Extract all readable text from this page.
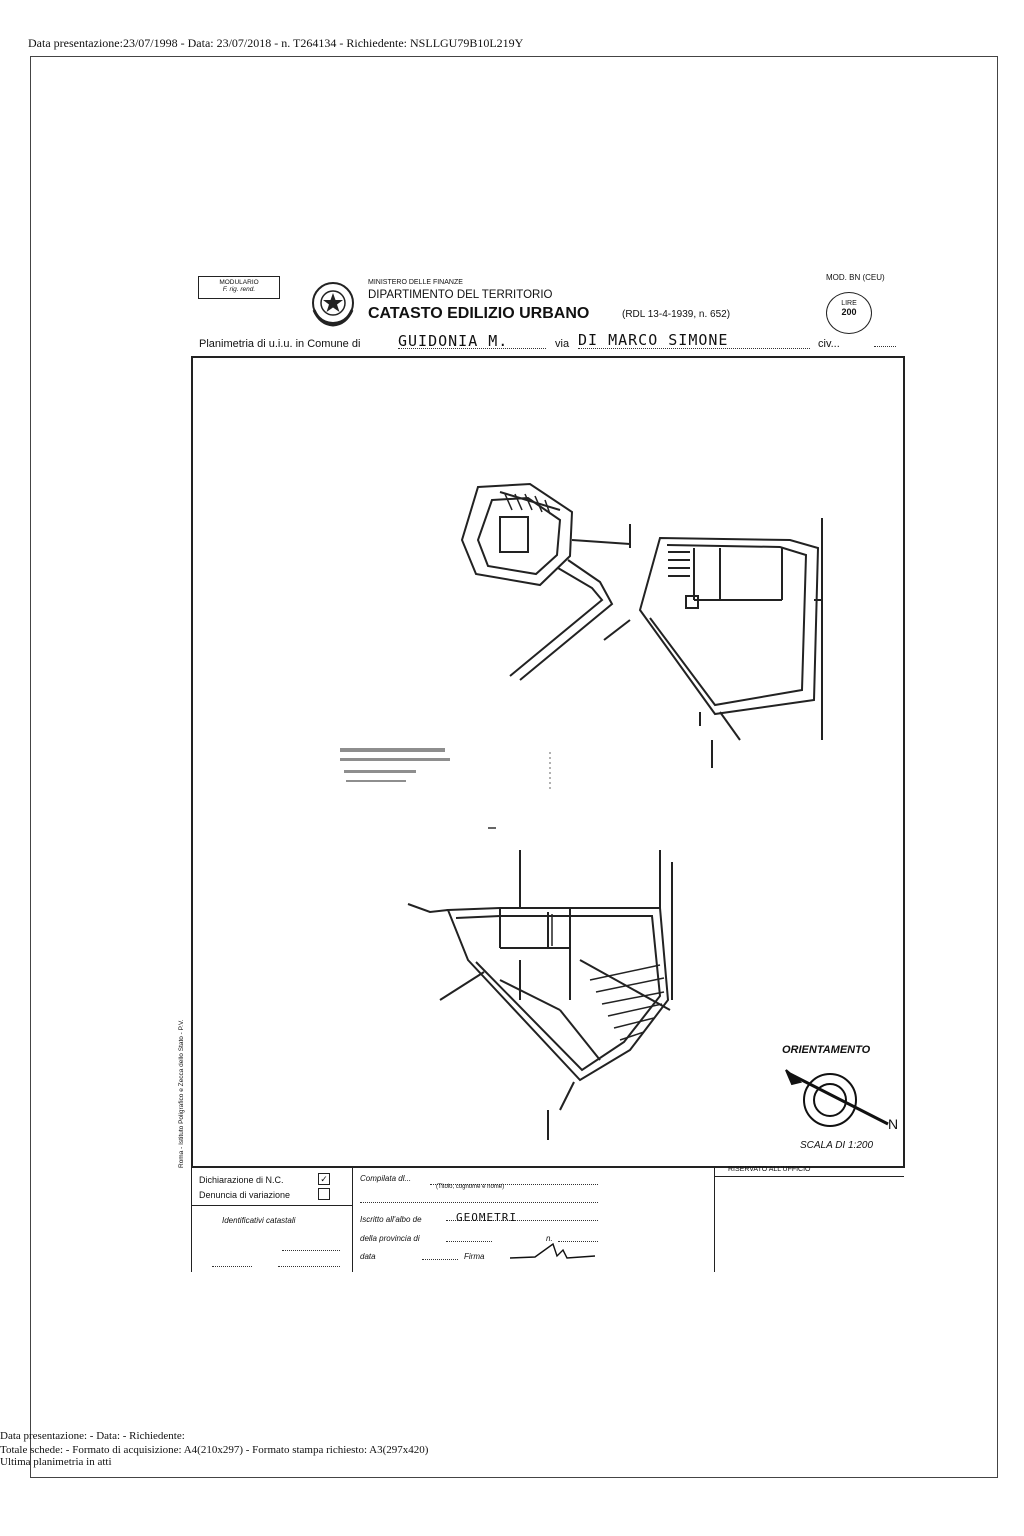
Data presentazione:23/07/1998 - Data: 23/07/2018 - n. T264134 - Richiedente: NSLLGU79B10L219Y
MODULARIO
F. rig. rend.
MINISTERO DELLE FINANZE
DIPARTIMENTO DEL TERRITORIO
CATASTO EDILIZIO URBANO	(RDL 13-4-1939, n. 652)
MOD. BN (CEU)
LIRE
200
Planimetria di u.i.u. in Comune di	GUIDONIA M.	via DI MARCO SIMONE	civ...
Roma - Istituto Poligrafico e Zecca dello Stato - P.V.	ORIENTAMENTO
N
SCALA DI 1:200
Dichiarazione di N.C.	✓
Denuncia di variazione
Identificativi catastali
Compilata dl...
(Titolo, cognome e nome)
Iscritto all'albo de	GEOMETRI
della provincia di	n.
data	Firma
RISERVATO ALL'UFFICIO
Data presentazione: - Data: - Richiedente:
Totale schede: - Formato di acquisizione: A4(210x297) - Formato stampa richiesto: A3(297x420)
Ultima planimetria in atti
